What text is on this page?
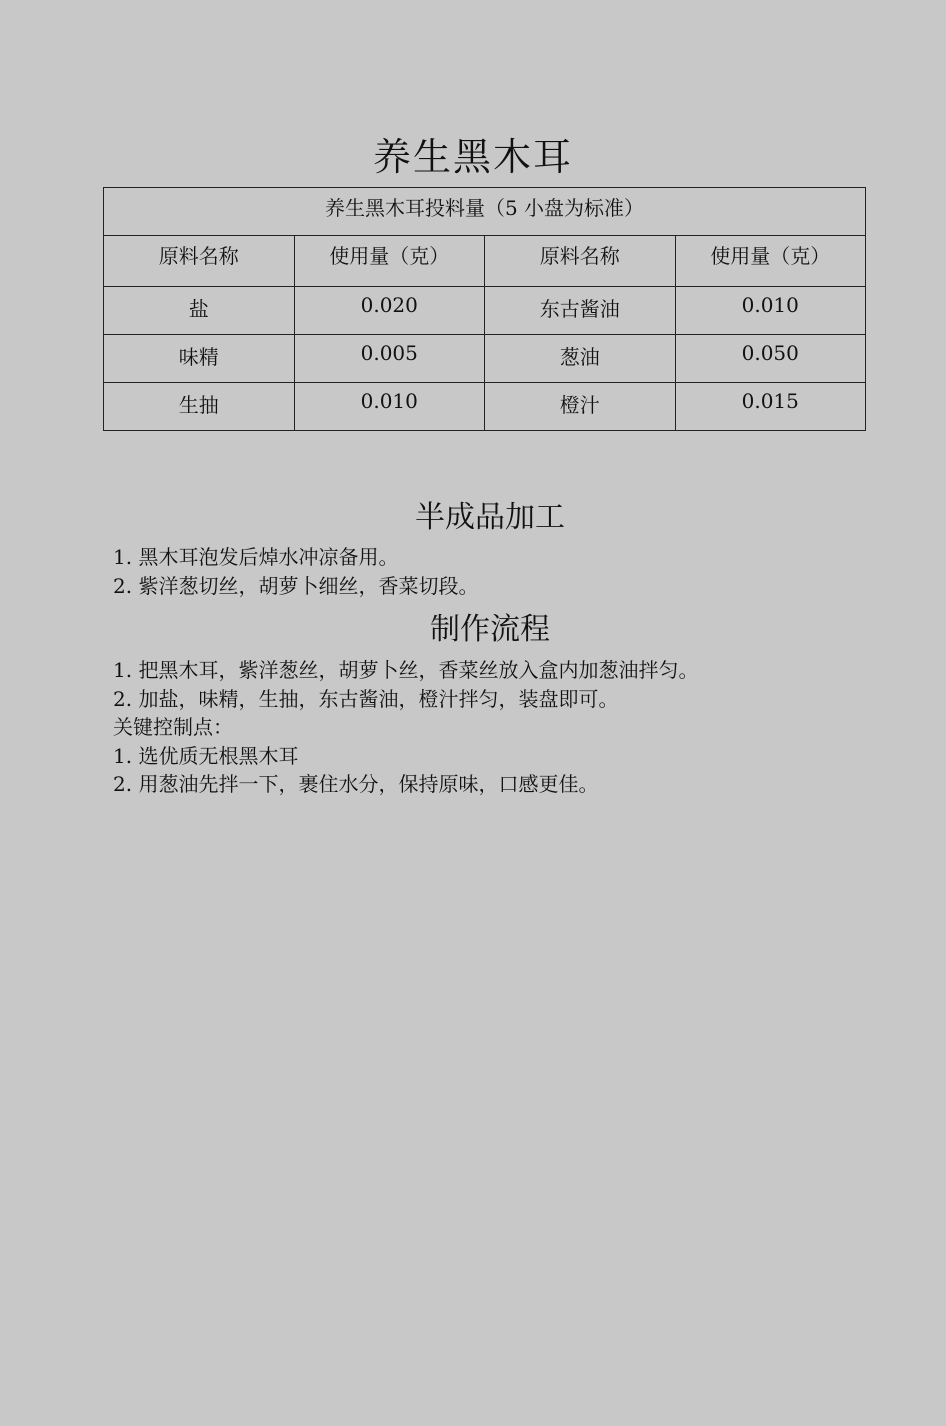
养生黑木耳
养生黑木耳投料量（5 小盘为标准）			
原料名称	使用量（克）	原料名称	使用量（克）
盐	0.020	东古酱油	0.010
味精	0.005	葱油	0.050
生抽	0.010	橙汁	0.015
半成品加工
1. 黑木耳泡发后焯水冲凉备用。
2. 紫洋葱切丝，胡萝卜细丝，香菜切段。
制作流程
1. 把黑木耳，紫洋葱丝，胡萝卜丝，香菜丝放入盒内加葱油拌匀。
2. 加盐，味精，生抽，东古酱油，橙汁拌匀，装盘即可。
关键控制点：
1. 选优质无根黑木耳
2. 用葱油先拌一下，裹住水分，保持原味，口感更佳。
